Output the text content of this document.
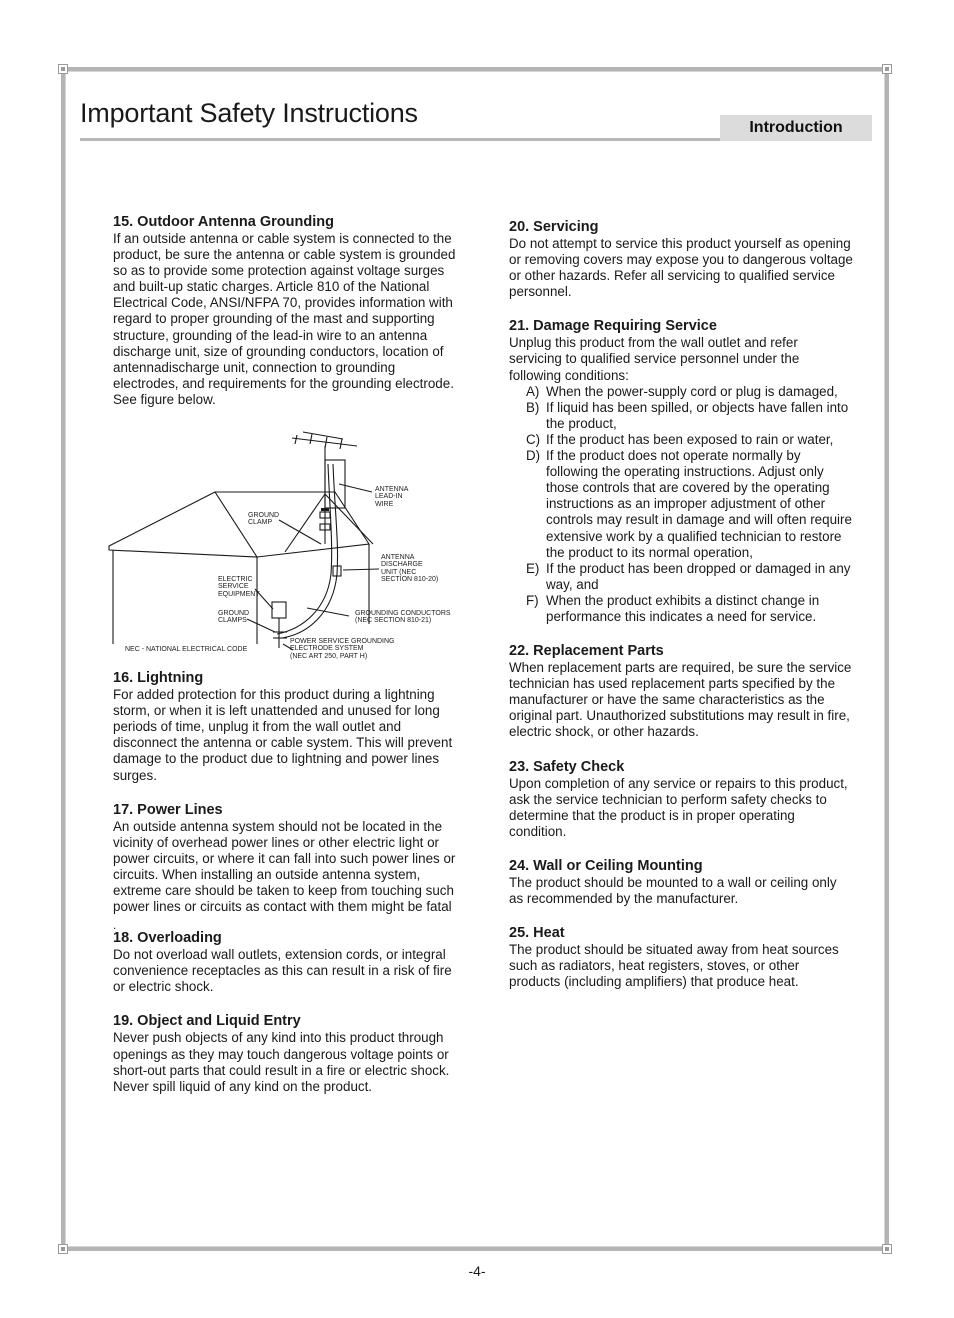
Important Safety Instructions	Introduction
15. Outdoor Antenna Grounding

If an outside antenna or cable system is connected to the product, be sure the antenna or cable system is grounded so as to provide some protection against voltage surges and built-up static charges. Article 810 of the National Electrical Code, ANSI/NFPA 70, provides information with regard to proper grounding of the mast and supporting structure, grounding of the lead-in wire to an antenna discharge unit, size of grounding conductors, location of antennadischarge unit, connection to grounding electrodes, and requirements for the grounding electrode. See figure below.

ANTENNA
LEAD-IN
WIRE
GROUND
CLAMP
ANTENNA
DISCHARGE
UNIT (NEC
SECTION 810-20)
ELECTRIC
SERVICE
EQUIPMENT
GROUND
CLAMPS
GROUNDING CONDUCTORS
(NEC SECTION 810-21)
NEC - NATIONAL ELECTRICAL CODE
POWER SERVICE GROUNDING
ELECTRODE SYSTEM
(NEC ART 250, PART H)
16. Lightning

For added protection for this product during a lightning storm, or when it is left unattended and unused for long periods of time, unplug it from the wall outlet and disconnect the antenna or cable system. This will prevent damage to the product due to lightning and power lines surges.

17. Power Lines

An outside antenna system should not be located in the vicinity of overhead power lines or other electric light or power circuits, or where it can fall into such power lines or circuits. When installing an outside antenna system, extreme care should be taken to keep from touching such power lines or circuits as contact with them might be fatal

.

18. Overloading

Do not overload wall outlets, extension cords, or integral convenience receptacles as this can result in a risk of fire or electric shock.

19. Object and Liquid Entry

Never push objects of any kind into this product through openings as they may touch dangerous voltage points or short-out parts that could result in a fire or electric shock. Never spill liquid of any kind on the product.

20. Servicing

Do not attempt to service this product yourself as opening or removing covers may expose you to dangerous voltage or other hazards. Refer all servicing to qualified service personnel.

21. Damage Requiring Service

Unplug this product from the wall outlet and refer servicing to qualified service personnel under the following conditions:

A) When the power-supply cord or plug is damaged,
B) If liquid has been spilled, or objects have fallen into the product,
C) If the product has been exposed to rain or water,
D) If the product does not operate normally by following the operating instructions. Adjust only those controls that are covered by the operating instructions as an improper adjustment of other controls may result in damage and will often require extensive work by a qualified technician to restore the product to its normal operation,
E) If the product has been dropped or damaged in any way, and
F) When the product exhibits a distinct change in performance this indicates a need for service.
22. Replacement Parts

When replacement parts are required, be sure the service technician has used replacement parts specified by the manufacturer or have the same characteristics as the original part. Unauthorized substitutions may result in fire, electric shock, or other hazards.

23. Safety Check

Upon completion of any service or repairs to this product, ask the service technician to perform safety checks to determine that the product is in proper operating condition.

24. Wall or Ceiling Mounting

The product should be mounted to a wall or ceiling only as recommended by the manufacturer.

25. Heat

The product should be situated away from heat sources such as radiators, heat registers, stoves, or other products (including amplifiers) that produce heat.

-4-
